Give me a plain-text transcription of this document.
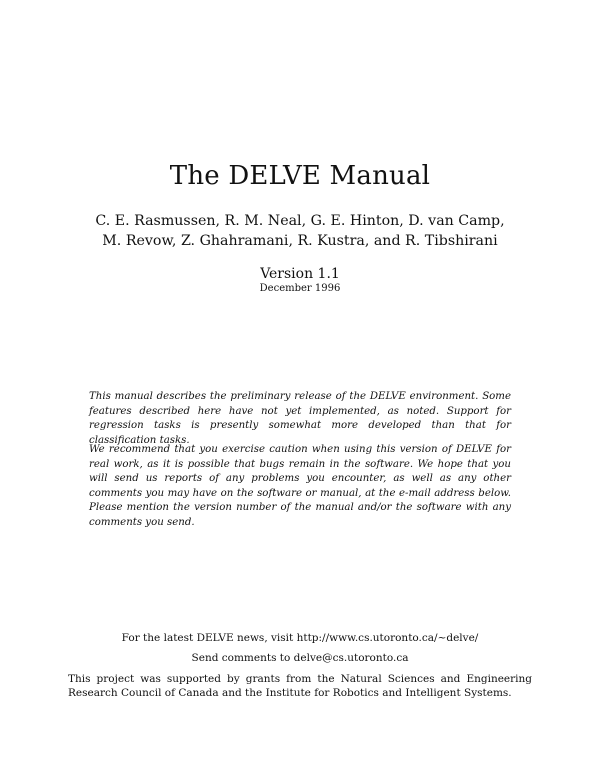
The DELVE Manual
C. E. Rasmussen, R. M. Neal, G. E. Hinton, D. van Camp,
M. Revow, Z. Ghahramani, R. Kustra, and R. Tibshirani
Version 1.1
December 1996

This manual describes the preliminary release of the DELVE environment. Some features described here have not yet implemented, as noted. Support for regression tasks is presently somewhat more developed than that for classification tasks.

We recommend that you exercise caution when using this version of DELVE for real work, as it is possible that bugs remain in the software. We hope that you will send us reports of any problems you encounter, as well as any other comments you may have on the software or manual, at the e-mail address below. Please mention the version number of the manual and/or the software with any comments you send.

For the latest DELVE news, visit http://www.cs.utoronto.ca/~delve/
Send comments to delve@cs.utoronto.ca
This project was supported by grants from the Natural Sciences and Engineering Research Council of Canada and the Institute for Robotics and Intelligent Systems.
